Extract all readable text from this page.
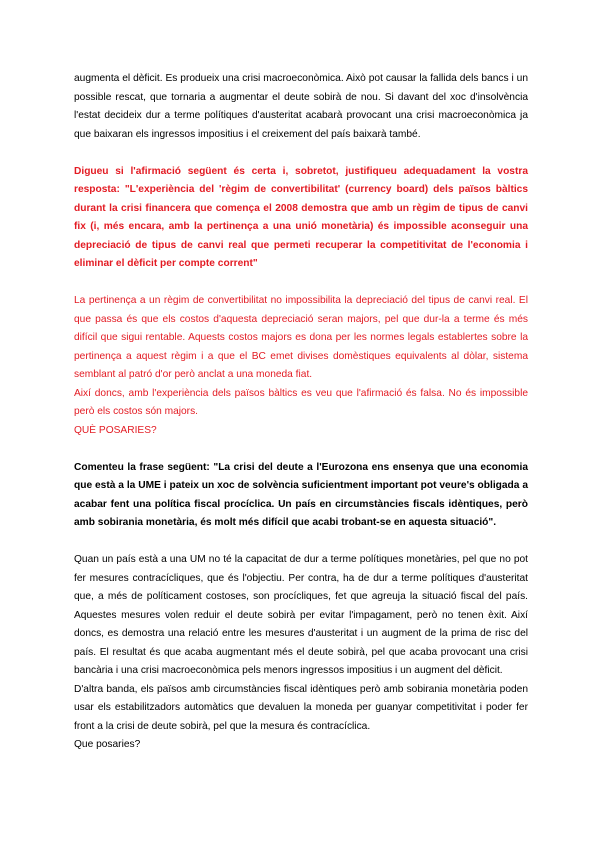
augmenta el dèficit. Es produeix una crisi macroeconòmica. Això pot causar la fallida dels bancs i un possible rescat, que tornaria a augmentar el deute sobirà de nou. Si davant del xoc d'insolvència l'estat decideix dur a terme polítiques d'austeritat acabarà provocant una crisi macroeconòmica ja que baixaran els ingressos impositius i el creixement del país baixarà també.

Digueu si l'afirmació següent és certa i, sobretot, justifiqueu adequadament la vostra resposta: "L'experiència del 'règim de convertibilitat' (currency board) dels països bàltics durant la crisi financera que comença el 2008 demostra que amb un règim de tipus de canvi fix (i, més encara, amb la pertinença a una unió monetària) és impossible aconseguir una depreciació de tipus de canvi real que permeti recuperar la competitivitat de l'economia i eliminar el dèficit per compte corrent"

La pertinença a un règim de convertibilitat no impossibilita la depreciació del tipus de canvi real. El que passa és que els costos d'aquesta depreciació seran majors, pel que dur-la a terme és més difícil que sigui rentable. Aquests costos majors es dona per les normes legals establertes sobre la pertinença a aquest règim i a que el BC emet divises domèstiques equivalents al dòlar, sistema semblant al patró d'or però anclat a una moneda fiat.

Així doncs, amb l'experiència dels països bàltics es veu que l'afirmació és falsa. No és impossible però els costos són majors.

QUÈ POSARIES?

Comenteu la frase següent: "La crisi del deute a l'Eurozona ens ensenya que una economia que està a la UME i pateix un xoc de solvència suficientment important pot veure's obligada a acabar fent una política fiscal procíclica. Un país en circumstàncies fiscals idèntiques, però amb sobirania monetària, és molt més difícil que acabi trobant-se en aquesta situació".

Quan un país està a una UM no té la capacitat de dur a terme polítiques monetàries, pel que no pot fer mesures contracícliques, que és l'objectiu. Per contra, ha de dur a terme polítiques d'austeritat que, a més de políticament costoses, son procícliques, fet que agreuja la situació fiscal del país. Aquestes mesures volen reduir el deute sobirà per evitar l'impagament, però no tenen èxit. Així doncs, es demostra una relació entre les mesures d'austeritat i un augment de la prima de risc del país. El resultat és que acaba augmentant més el deute sobirà, pel que acaba provocant una crisi bancària i una crisi macroeconòmica pels menors ingressos impositius i un augment del dèficit.

D'altra banda, els països amb circumstàncies fiscal idèntiques però amb sobirania monetària poden usar els estabilitzadors automàtics que devaluen la moneda per guanyar competitivitat i poder fer front a la crisi de deute sobirà, pel que la mesura és contracíclica.

Que posaries?
